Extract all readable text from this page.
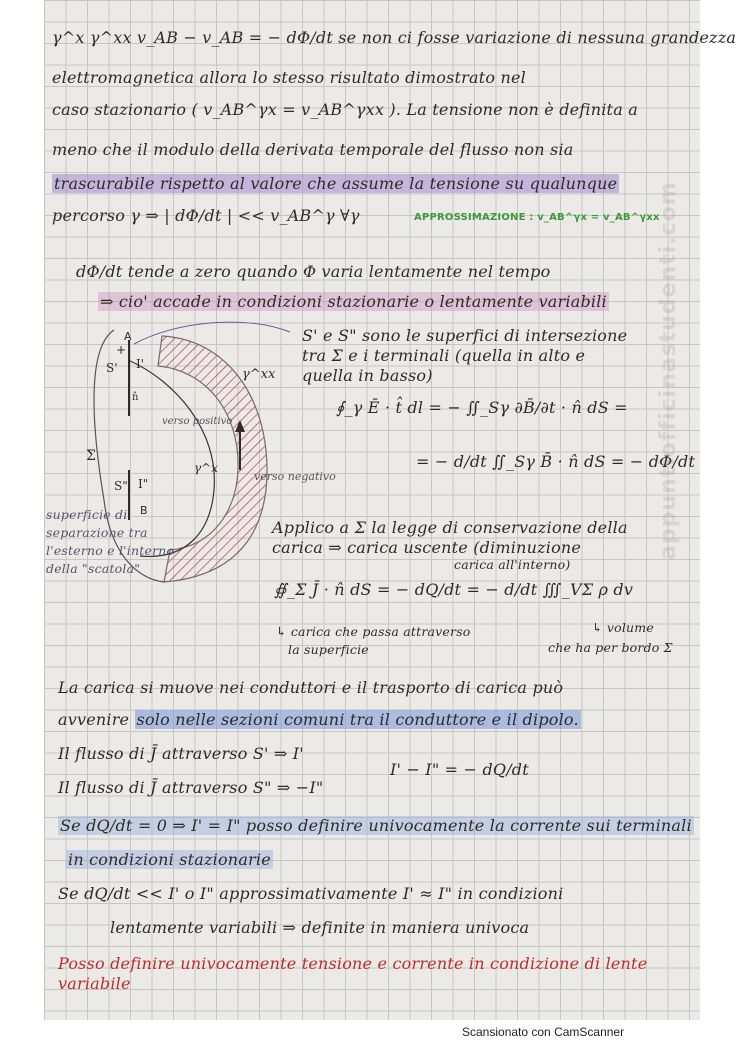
γ^x γ^xx v_AB − v_AB = − dΦ/dt se non ci fosse variazione di nessuna grandezza
elettromagnetica allora lo stesso risultato dimostrato nel
caso stazionario ( v_AB^γx = v_AB^γxx ). La tensione non è definita a
meno che il modulo della derivata temporale del flusso non sia
trascurabile rispetto al valore che assume la tensione su qualunque
percorso γ ⇒ | dΦ/dt | << v_AB^γ ∀γ	APPROSSIMAZIONE : v_AB^γx = v_AB^γxx
dΦ/dt tende a zero quando Φ varia lentamente nel tempo
⇒ cio' accade in condizioni stazionarie o lentamente variabili
S' e S" sono le superfici di intersezione
tra Σ e i terminali (quella in alto e
quella in basso)
∮_γ Ē · t̂ dl = − ∬_Sγ ∂B̄/∂t · n̂ dS =
= − d/dt ∬_Sγ B̄ · n̂ dS = − dΦ/dt
Applico a Σ la legge di conservazione della
carica ⇒ carica uscente (diminuzione
carica all'interno)
∯_Σ J̄ · n̂ dS = − dQ/dt = − d/dt ∭_VΣ ρ dv
↳ carica che passa attraverso
la superficie
↳ volume
che ha per bordo Σ
La carica si muove nei conduttori e il trasporto di carica può
avvenire solo nelle sezioni comuni tra il conduttore e il dipolo.
Il flusso di J̄ attraverso S' ⇒ I'
Il flusso di J̄ attraverso S" ⇒ −I"
I' − I" = − dQ/dt
Se dQ/dt = 0 ⇒ I' = I" posso definire univocamente la corrente sui terminali
in condizioni stazionarie
Se dQ/dt << I' o I" approssimativamente I' ≈ I" in condizioni
lentamente variabili ⇒ definite in maniera univoca
Posso definire univocamente tensione e corrente in condizione di lente
variabile
appuntiofficinastudenti.com
A
+
S' I'
n̂
Σ
S" I"
B
γ^xx
γ^x
verso positivo
verso negativo
superficie di separazione tra l'esterno e l'interno della "scatola"
Scansionato con CamScanner
